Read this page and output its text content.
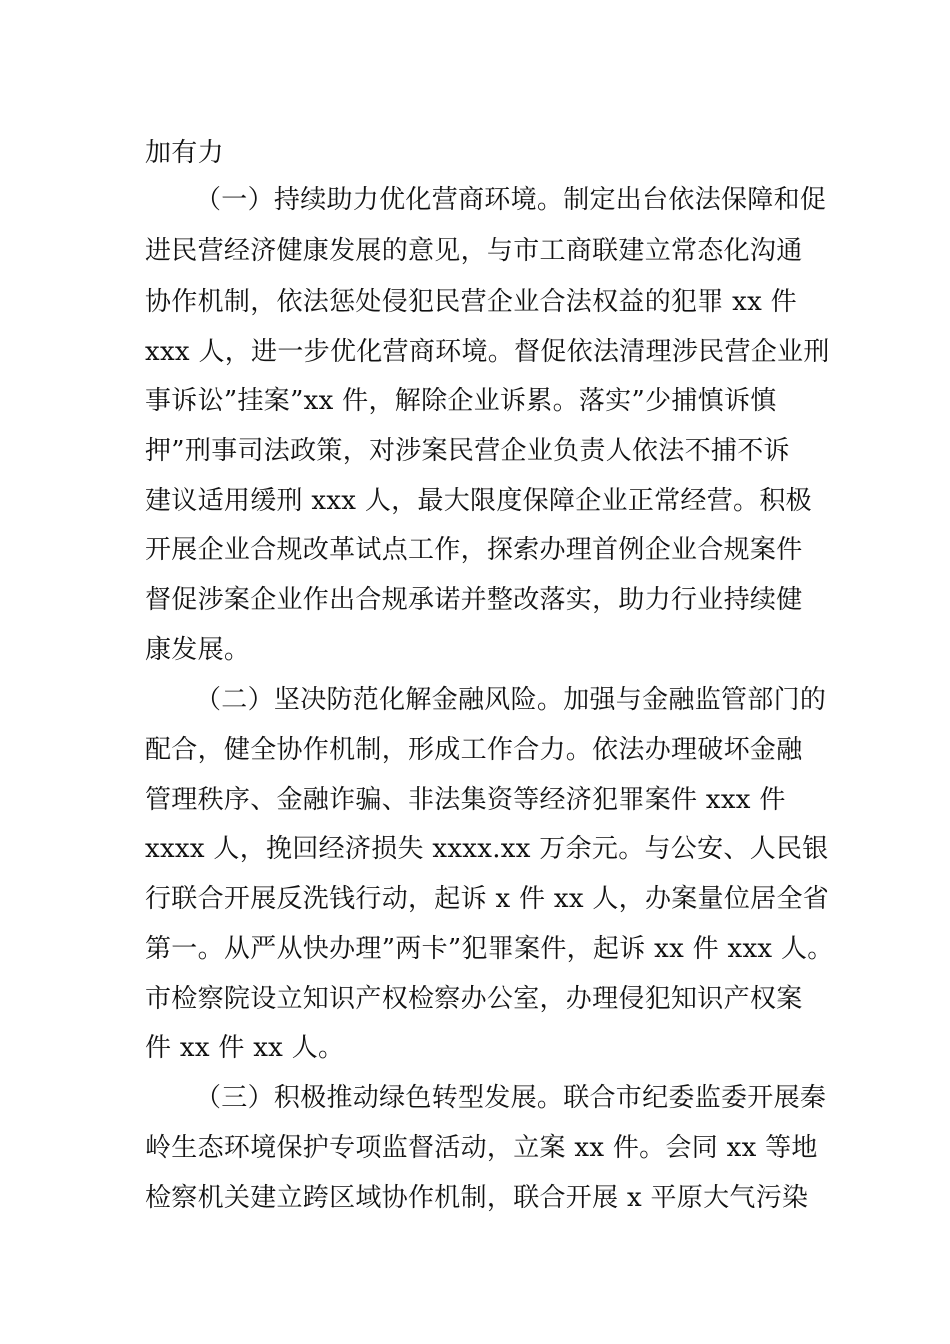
加有力

（一）持续助力优化营商环境。制定出台依法保障和促

进民营经济健康发展的意见，与市工商联建立常态化沟通

协作机制，依法惩处侵犯民营企业合法权益的犯罪 xx 件

xxx 人，进一步优化营商环境。督促依法清理涉民营企业刑

事诉讼”挂案”xx 件，解除企业诉累。落实”少捕慎诉慎

押”刑事司法政策，对涉案民营企业负责人依法不捕不诉

建议适用缓刑 xxx 人，最大限度保障企业正常经营。积极

开展企业合规改革试点工作，探索办理首例企业合规案件

督促涉案企业作出合规承诺并整改落实，助力行业持续健

康发展。

（二）坚决防范化解金融风险。加强与金融监管部门的

配合，健全协作机制，形成工作合力。依法办理破坏金融

管理秩序、金融诈骗、非法集资等经济犯罪案件 xxx 件

xxxx 人，挽回经济损失 xxxx.xx 万余元。与公安、人民银

行联合开展反洗钱行动，起诉 x 件 xx 人，办案量位居全省

第一。从严从快办理”两卡”犯罪案件，起诉 xx 件 xxx 人。

市检察院设立知识产权检察办公室，办理侵犯知识产权案

件 xx 件 xx 人。

（三）积极推动绿色转型发展。联合市纪委监委开展秦

岭生态环境保护专项监督活动，立案 xx 件。会同 xx 等地

检察机关建立跨区域协作机制，联合开展 x 平原大气污染
